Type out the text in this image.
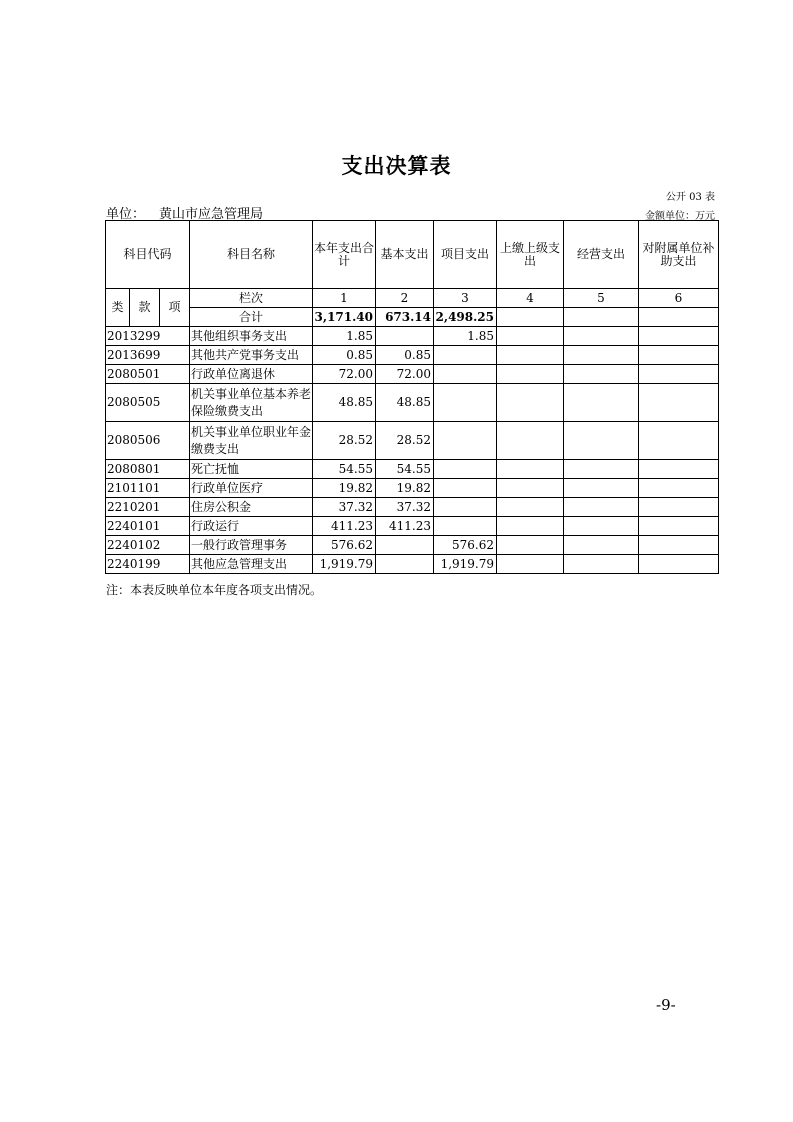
支出决算表
公开 03 表
单位： 黄山市应急管理局	金额单位：万元
科目代码			科目名称	本年支出合计	基本支出	项目支出	上缴上级支出	经营支出	对附属单位补助支出
类	款	项	栏次	1	2	3	4	5	6
			合计	3,171.40	673.14	2,498.25			
2013299			其他组织事务支出	1.85		1.85			
2013699			其他共产党事务支出	0.85	0.85				
2080501			行政单位离退休	72.00	72.00				
2080505			机关事业单位基本养老保险缴费支出	48.85	48.85				
2080506			机关事业单位职业年金缴费支出	28.52	28.52				
2080801			死亡抚恤	54.55	54.55				
2101101			行政单位医疗	19.82	19.82				
2210201			住房公积金	37.32	37.32				
2240101			行政运行	411.23	411.23				
2240102			一般行政管理事务	576.62		576.62			
2240199			其他应急管理支出	1,919.79		1,919.79			
注：本表反映单位本年度各项支出情况。
-9-
